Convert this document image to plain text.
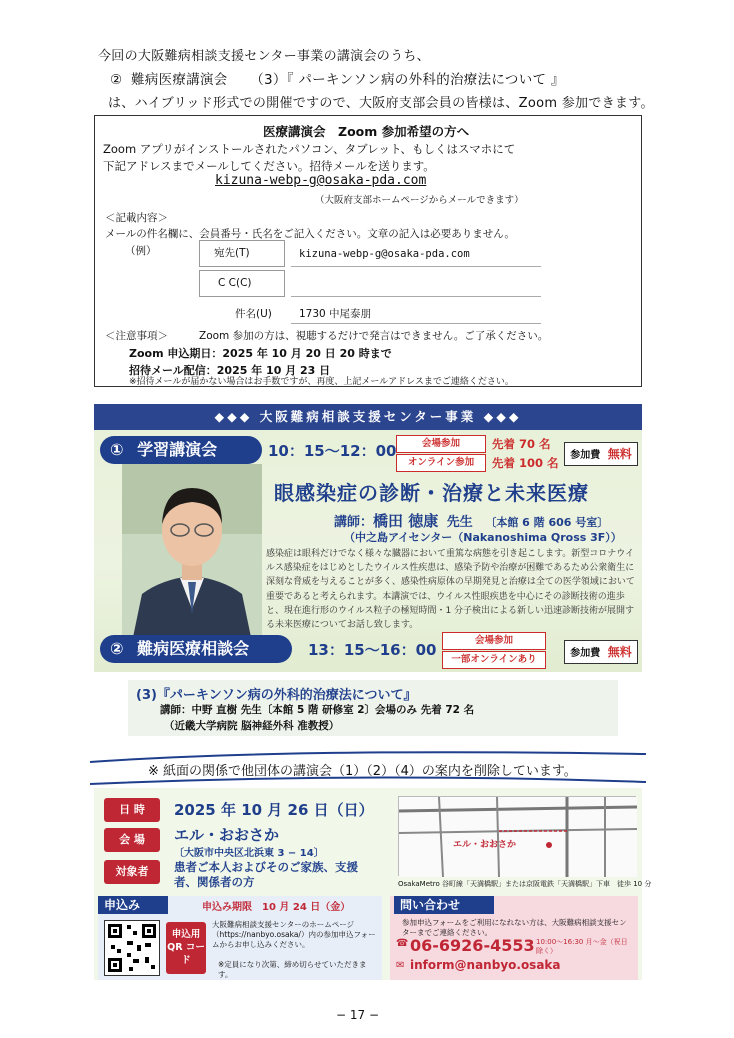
今回の大阪難病相談支援センター事業の講演会のうち、
② 難病医療講演会 （3）『 パーキンソン病の外科的治療法について 』
は、ハイブリッド形式での開催ですので、大阪府支部会員の皆様は、Zoom 参加できます。
医療講演会　Zoom 参加希望の方へ
Zoom アプリがインストールされたパソコン、タブレット、もしくはスマホにて
下記アドレスまでメールしてください。招待メールを送ります。
kizuna-webp-g@osaka-pda.com
（大阪府支部ホームページからメールできます）
＜記載内容＞
メールの件名欄に、会員番号・氏名をご記入ください。文章の記入は必要ありません。
（例）	宛先(T)	kizuna-webp-g@osaka-pda.com
C C(C)
件名(U)	1730 中尾泰朋
＜注意事項＞	Zoom 参加の方は、視聴するだけで発言はできません。ご了承ください。
Zoom 申込期日：2025 年 10 月 20 日 20 時まで
招待メール配信：2025 年 10 月 23 日
※招待メールが届かない場合はお手数ですが、再度、上記メールアドレスまでご連絡ください。
◆◆◆ 大阪難病相談支援センター事業 ◆◆◆
① 学習講演会	10：15〜12：00	会場参加
オンライン参加
先着 70 名
先着 100 名
参加費 無料
眼感染症の診断・治療と未来医療
講師：橋田 徳康 先生 〔本館 6 階 606 号室〕
（中之島アイセンター（Nakanoshima Qross 3F））
感染症は眼科だけでなく様々な臓器において重篤な病態を引き起こします。新型コロナウイルス感染症をはじめとしたウイルス性疾患は、感染予防や治療が困難であるため公衆衛生に深刻な脅威を与えることが多く、感染性病原体の早期発見と治療は全ての医学領域において重要であると考えられます。本講演では、ウイルス性眼疾患を中心にその診断技術の進歩と、現在進行形のウイルス粒子の極短時間・1 分子検出による新しい迅速診断技術が展開する未来医療についてお話し致します。
② 難病医療相談会	13：15〜16：00
会場参加
一部オンラインあり
参加費 無料
(3)『パーキンソン病の外科的治療法について』
講師：中野 直樹 先生〔本館 5 階 研修室 2〕会場のみ 先着 72 名
（近畿大学病院 脳神経外科 准教授）
※ 紙面の関係で他団体の講演会（1）（2）（4）の案内を削除しています。
日 時	2025 年 10 月 26 日（日）
会 場	エル・おおさか
〔大阪市中央区北浜東 3 − 14〕
対象者	患者ご本人およびそのご家族、支援者、関係者の方
エル・おおさか
OsakaMetro 谷町線「天満橋駅」または京阪電鉄「天満橋駅」下車　徒歩 10 分
申込み	申込み期限　10 月 24 日（金）
申込用 QR コード
大阪難病相談支援センターのホームページ（https://nanbyo.osaka/）内の参加申込フォームからお申し込みください。
※定員になり次第、締め切らせていただきます。
問い合わせ
参加申込フォームをご利用になれない方は、大阪難病相談支援センターまでご連絡ください。
☎ 06-6926-4553 10:00〜16:30 月〜金（祝日除く）
✉ inform@nanbyo.osaka
− 17 −
